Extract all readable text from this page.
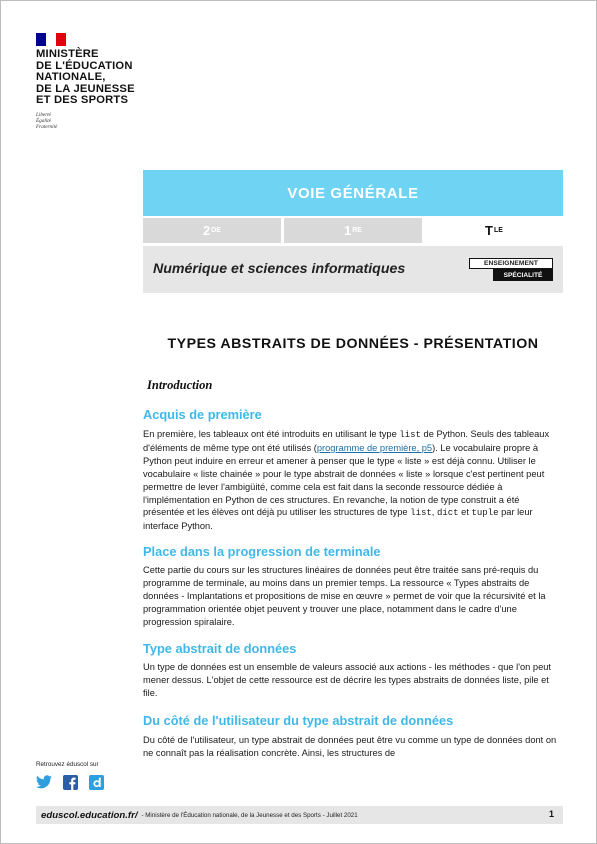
MINISTÈRE
DE L'ÉDUCATION
NATIONALE,
DE LA JEUNESSE
ET DES SPORTS
Liberté
Égalité
Fraternité
VOIE GÉNÉRALE
2 DE	1 RE	T LE
Numérique et sciences informatiques	ENSEIGNEMENT
SPÉCIALITÉ
TYPES ABSTRAITS DE DONNÉES - PRÉSENTATION
Introduction
Acquis de première
En première, les tableaux ont été introduits en utilisant le type list de Python. Seuls des tableaux d'éléments de même type ont été utilisés (programme de première, p5). Le vocabulaire propre à Python peut induire en erreur et amener à penser que le type « liste » est déjà connu. Utiliser le vocabulaire « liste chainée » pour le type abstrait de données « liste » lorsque c'est pertinent peut permettre de lever l'ambigüité, comme cela est fait dans la seconde ressource dédiée à l'implémentation en Python de ces structures. En revanche, la notion de type construit a été présentée et les élèves ont déjà pu utiliser les structures de type list, dict et tuple par leur interface Python.
Place dans la progression de terminale
Cette partie du cours sur les structures linéaires de données peut être traitée sans pré-requis du programme de terminale, au moins dans un premier temps. La ressource « Types abstraits de données - Implantations et propositions de mise en œuvre » permet de voir que la récursivité et la programmation orientée objet peuvent y trouver une place, notamment dans le cadre d'une progression spiralaire.
Type abstrait de données
Un type de données est un ensemble de valeurs associé aux actions - les méthodes - que l'on peut mener dessus. L'objet de cette ressource est de décrire les types abstraits de données liste, pile et file.
Du côté de l'utilisateur du type abstrait de données
Du côté de l'utilisateur, un type abstrait de données peut être vu comme un type de données dont on ne connaît pas la réalisation concrète. Ainsi, les structures de
Retrouvez éduscol sur
eduscol.education.fr/ - Ministère de l'Éducation nationale, de la Jeunesse et des Sports - Juillet 2021	1
